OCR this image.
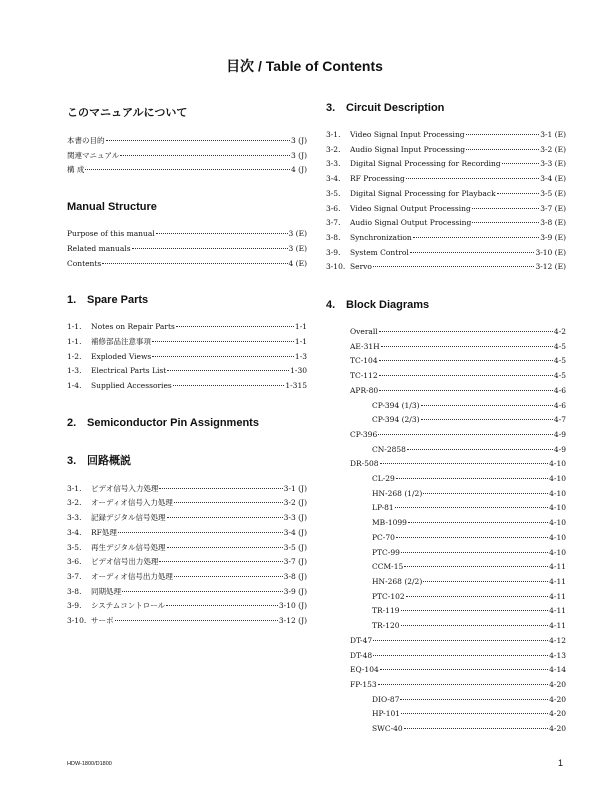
目次 / Table of Contents

このマニュアルについて

本書の目的	3 (J)
関連マニュアル	3 (J)
構 成	4 (J)

Manual Structure

Purpose of this manual	3 (E)
Related manuals	3 (E)
Contents	4 (E)

1. Spare Parts

1-1.	Notes on Repair Parts	1-1
1-1.	補修部品注意事項	1-1
1-2.	Exploded Views	1-3
1-3.	Electrical Parts List	1-30
1-4.	Supplied Accessories	1-315

2. Semiconductor Pin Assignments

3. 回路概説

3-1.	ビデオ信号入力処理	3-1 (J)
3-2.	オーディオ信号入力処理	3-2 (J)
3-3.	記録デジタル信号処理	3-3 (J)
3-4.	RF処理	3-4 (J)
3-5.	再生デジタル信号処理	3-5 (J)
3-6.	ビデオ信号出力処理	3-7 (J)
3-7.	オーディオ信号出力処理	3-8 (J)
3-8.	同期処理	3-9 (J)
3-9.	システムコントロール	3-10 (J)
3-10. サーボ	3-12 (J)

3. Circuit Description

3-1.	Video Signal Input Processing	3-1 (E)
3-2.	Audio Signal Input Processing	3-2 (E)
3-3.	Digital Signal Processing for Recording	3-3 (E)
3-4.	RF Processing	3-4 (E)
3-5.	Digital Signal Processing for Playback	3-5 (E)
3-6.	Video Signal Output Processing	3-7 (E)
3-7.	Audio Signal Output Processing	3-8 (E)
3-8.	Synchronization	3-9 (E)
3-9.	System Control	3-10 (E)
3-10. Servo	3-12 (E)

4. Block Diagrams

Overall	4-2
AE-31H	4-5
TC-104	4-5
TC-112	4-5
APR-80	4-6
CP-394 (1/3)	4-6
CP-394 (2/3)	4-7
CP-396	4-9
CN-2858	4-9
DR-508	4-10
CL-29	4-10
HN-268 (1/2)	4-10
LP-81	4-10
MB-1099	4-10
PC-70	4-10
PTC-99	4-10
CCM-15	4-11
HN-268 (2/2)	4-11
PTC-102	4-11
TR-119	4-11
TR-120	4-11
DT-47	4-12
DT-48	4-13
EQ-104	4-14
FP-153	4-20
DIO-87	4-20
HP-101	4-20
SWC-40	4-20
HDW-1800/D1800	1
